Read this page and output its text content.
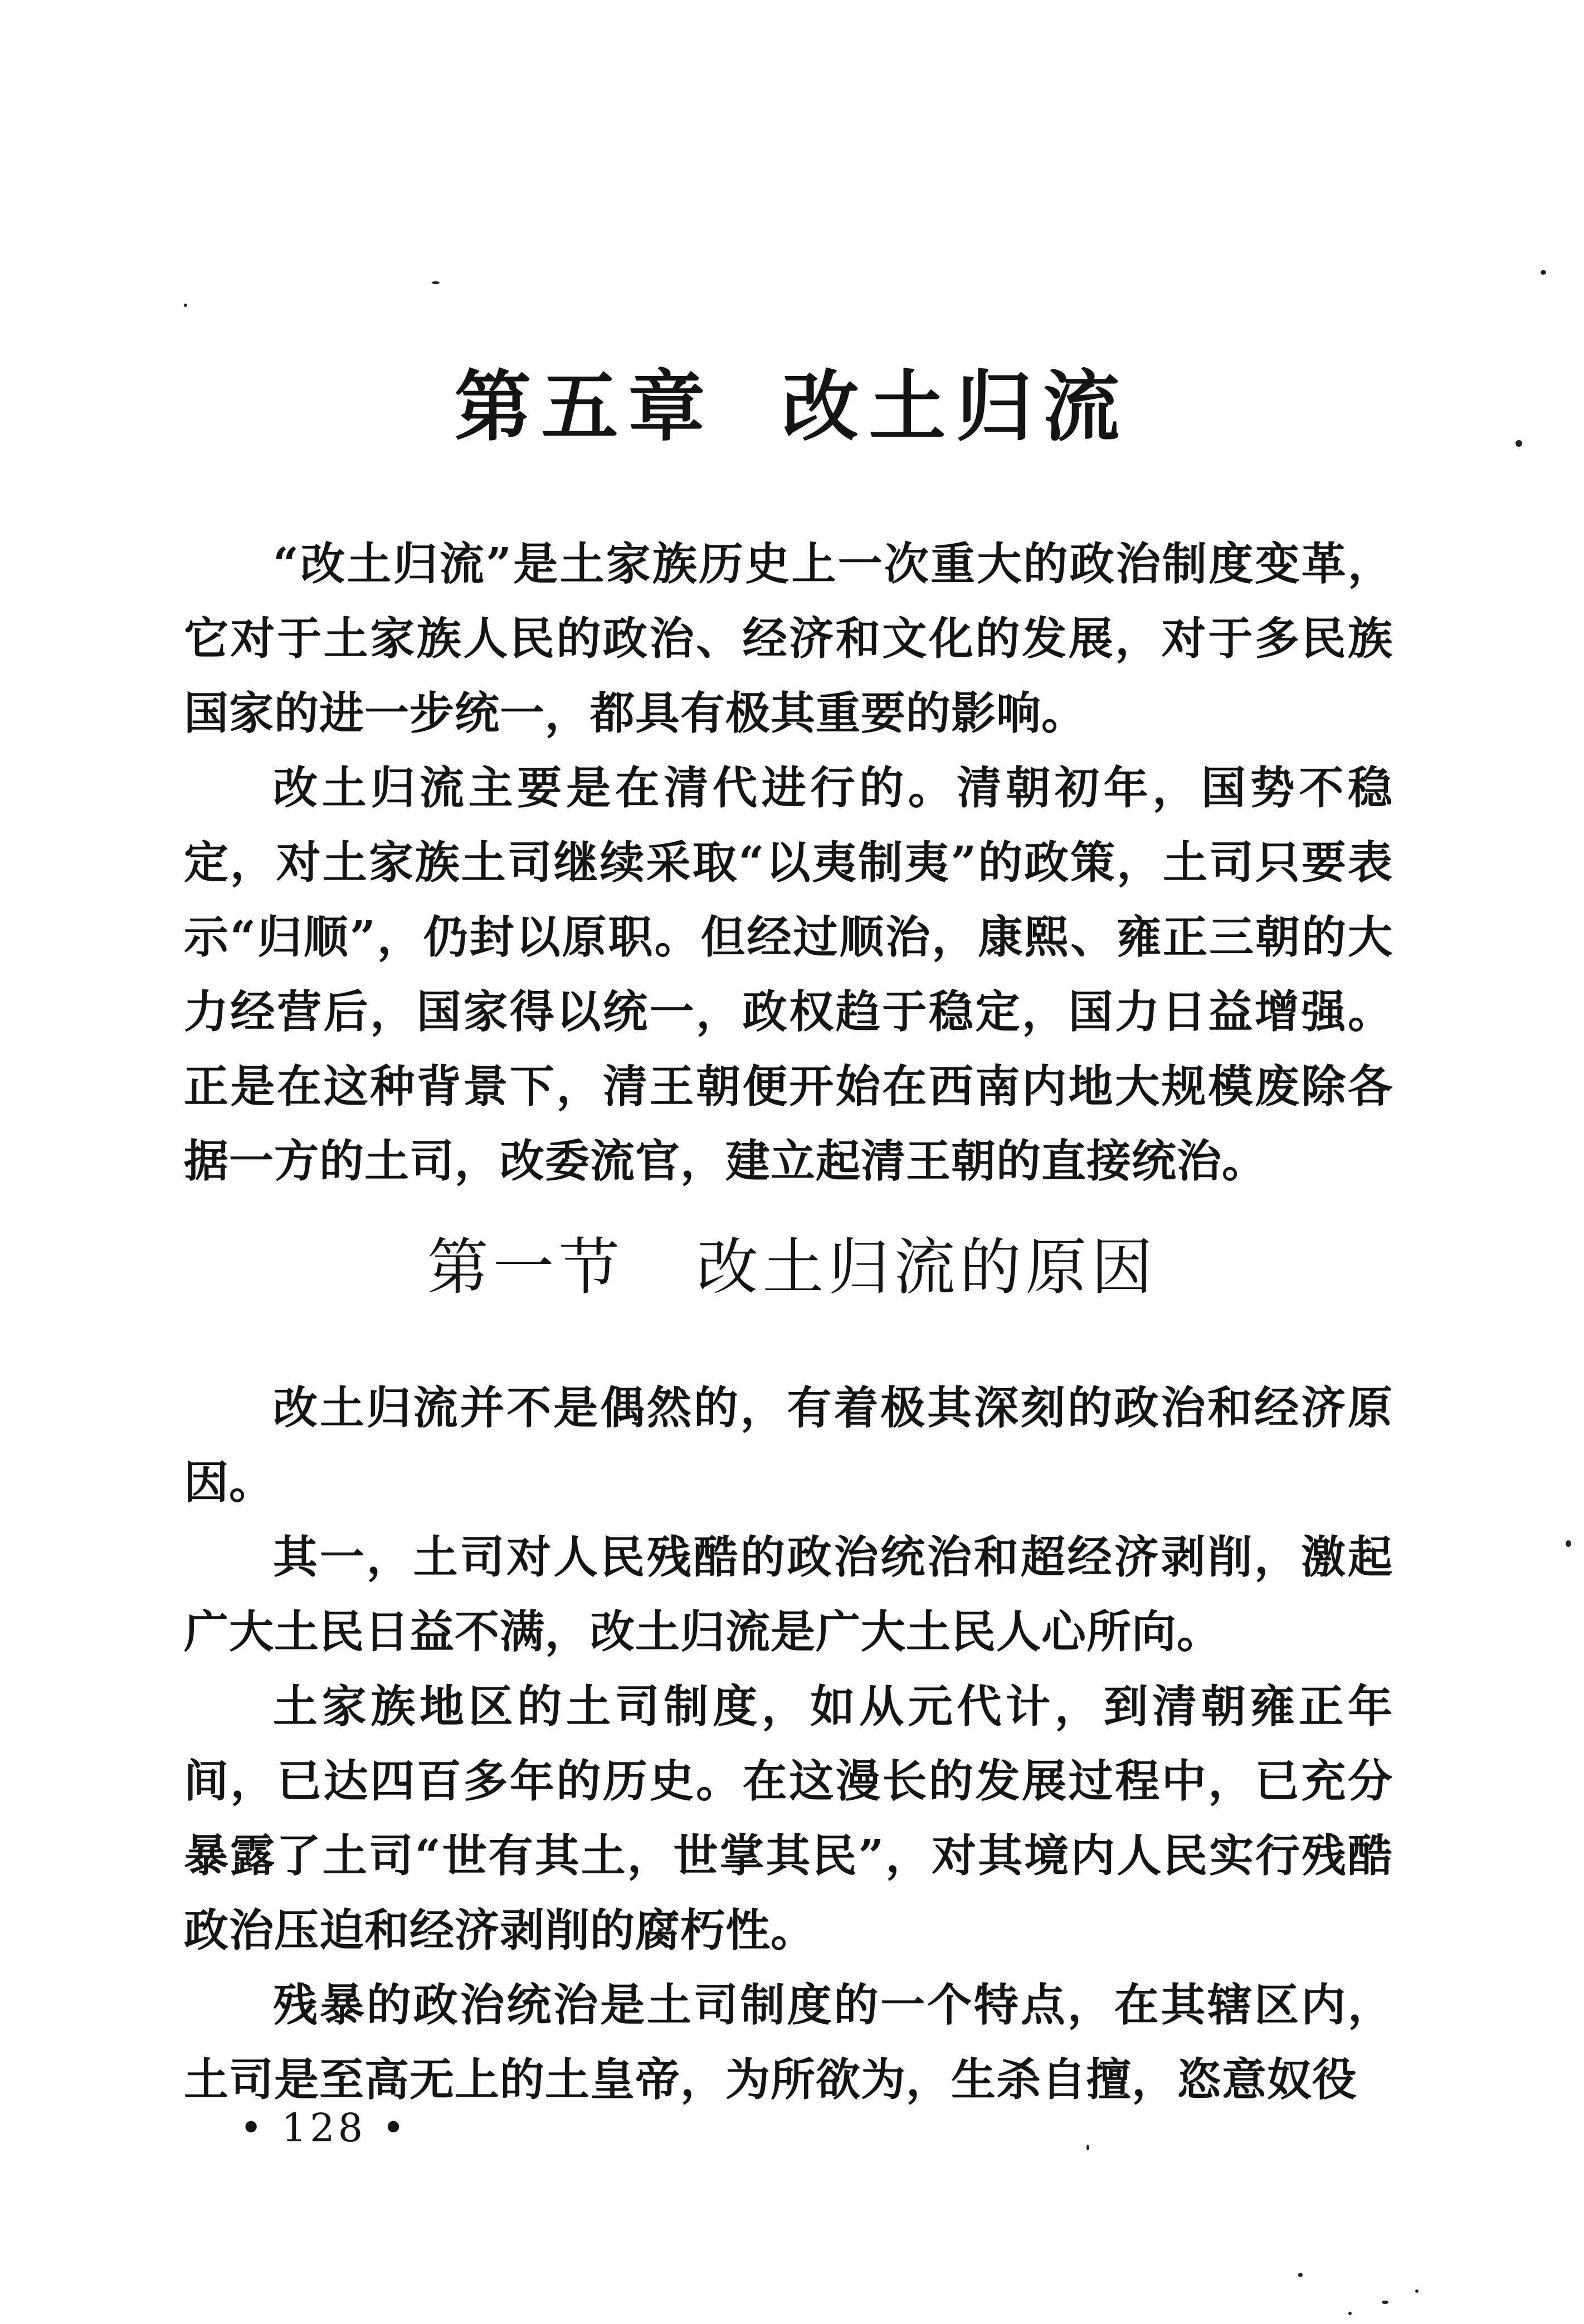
第五章 改土归流

“改土归流”是土家族历史上一次重大的政治制度变革，它对于土家族人民的政治、经济和文化的发展，对于多民族国家的进一步统一，都具有极其重要的影响。

改土归流主要是在清代进行的。清朝初年，国势不稳定，对土家族土司继续采取“以夷制夷”的政策，土司只要表示“归顺”，仍封以原职。但经过顺治，康熙、雍正三朝的大力经营后，国家得以统一，政权趋于稳定，国力日益增强。正是在这种背景下，清王朝便开始在西南内地大规模废除各据一方的土司，改委流官，建立起清王朝的直接统治。

第一节 改土归流的原因

改土归流并不是偶然的，有着极其深刻的政治和经济原因。

其一，土司对人民残酷的政治统治和超经济剥削，激起广大土民日益不满，改土归流是广大土民人心所向。

土家族地区的土司制度，如从元代计，到清朝雍正年间，已达四百多年的历史。在这漫长的发展过程中，已充分暴露了土司“世有其土，世掌其民”，对其境内人民实行残酷政治压迫和经济剥削的腐朽性。

残暴的政治统治是土司制度的一个特点，在其辖区内，土司是至高无上的土皇帝，为所欲为，生杀自擅，恣意奴役

• 128 •
